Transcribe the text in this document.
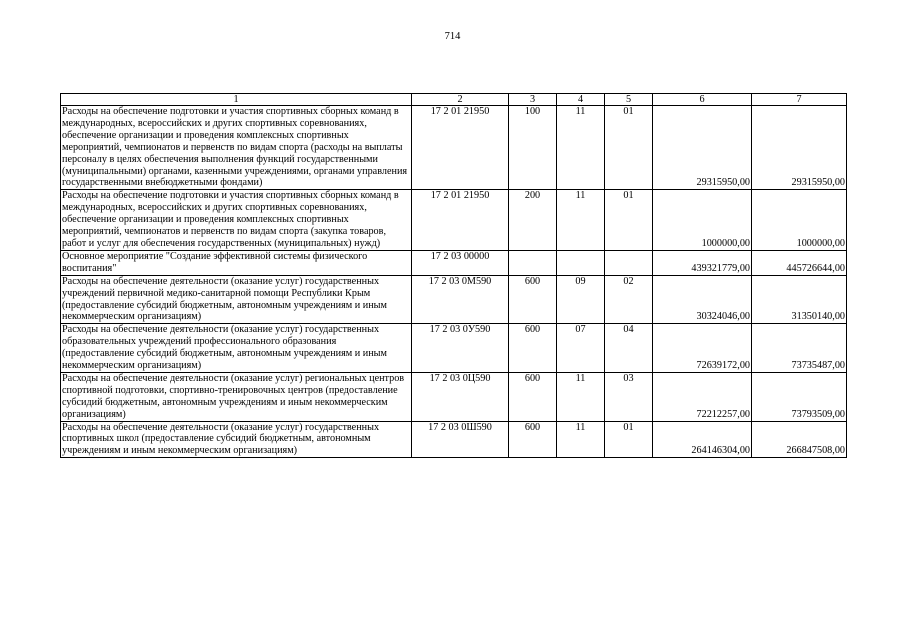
714
1	2	3	4	5	6	7
Расходы на обеспечение подготовки и участия спортивных сборных команд в международных, всероссийских и других спортивных соревнованиях, обеспечение организации и проведения комплексных спортивных мероприятий, чемпионатов и первенств по видам спорта (расходы на выплаты персоналу в целях обеспечения выполнения функций государственными (муниципальными) органами, казенными учреждениями, органами управления государственными внебюджетными фондами)	17 2 01 21950	100	11	01	29315950,00	29315950,00
Расходы на обеспечение подготовки и участия спортивных сборных команд в международных, всероссийских и других спортивных соревнованиях, обеспечение организации и проведения комплексных спортивных мероприятий, чемпионатов и первенств по видам спорта (закупка товаров, работ и услуг для обеспечения государственных (муниципальных) нужд)	17 2 01 21950	200	11	01	1000000,00	1000000,00
Основное мероприятие "Создание эффективной системы физического воспитания"	17 2 03 00000				439321779,00	445726644,00
Расходы на обеспечение деятельности (оказание услуг) государственных учреждений первичной медико-санитарной помощи Республики Крым (предоставление субсидий бюджетным, автономным учреждениям и иным некоммерческим организациям)	17 2 03 0М590	600	09	02	30324046,00	31350140,00
Расходы на обеспечение деятельности (оказание услуг) государственных образовательных учреждений профессионального образования (предоставление субсидий бюджетным, автономным учреждениям и иным некоммерческим организациям)	17 2 03 0У590	600	07	04	72639172,00	73735487,00
Расходы на обеспечение деятельности (оказание услуг) региональных центров спортивной подготовки, спортивно-тренировочных центров (предоставление субсидий бюджетным, автономным учреждениям и иным некоммерческим организациям)	17 2 03 0Ц590	600	11	03	72212257,00	73793509,00
Расходы на обеспечение деятельности (оказание услуг) государственных спортивных школ (предоставление субсидий бюджетным, автономным учреждениям и иным некоммерческим организациям)	17 2 03 0Ш590	600	11	01	264146304,00	266847508,00
